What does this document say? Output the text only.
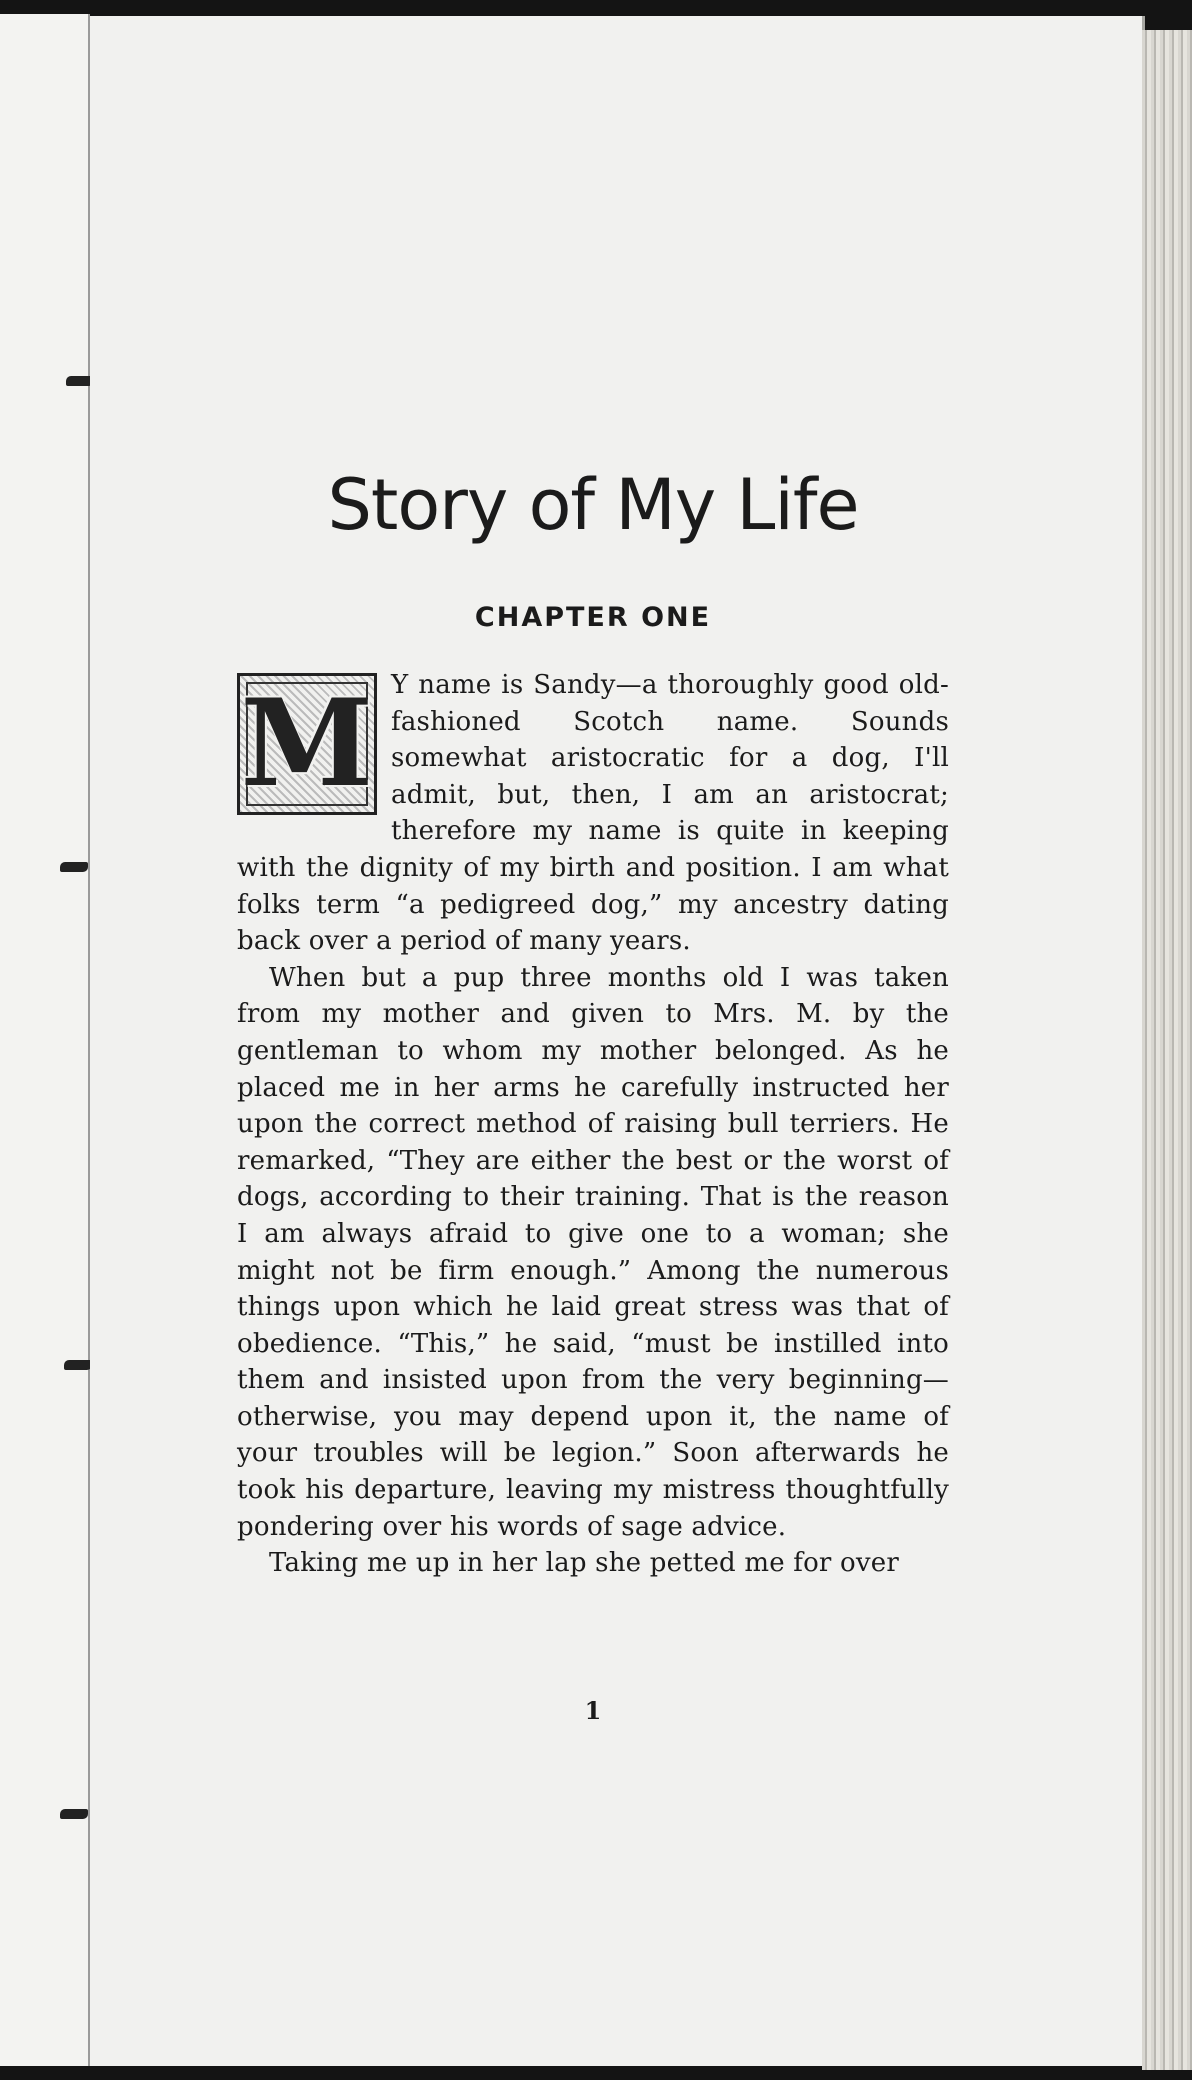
Story of My Life
CHAPTER ONE

M Y name is Sandy—a thoroughly good old-fashioned Scotch name. Sounds somewhat aristocratic for a dog, I'll admit, but, then, I am an aristocrat; therefore my name is quite in keeping with the dignity of my birth and position. I am what folks term “a pedigreed dog,” my ancestry dating back over a period of many years.

When but a pup three months old I was taken from my mother and given to Mrs. M. by the gentleman to whom my mother belonged. As he placed me in her arms he carefully instructed her upon the correct method of raising bull terriers. He remarked, “They are either the best or the worst of dogs, according to their training. That is the reason I am always afraid to give one to a woman; she might not be firm enough.” Among the numerous things upon which he laid great stress was that of obedience. “This,” he said, “must be instilled into them and insisted upon from the very beginning—otherwise, you may depend upon it, the name of your troubles will be legion.” Soon afterwards he took his departure, leaving my mistress thoughtfully pondering over his words of sage advice.

Taking me up in her lap she petted me for over

1
